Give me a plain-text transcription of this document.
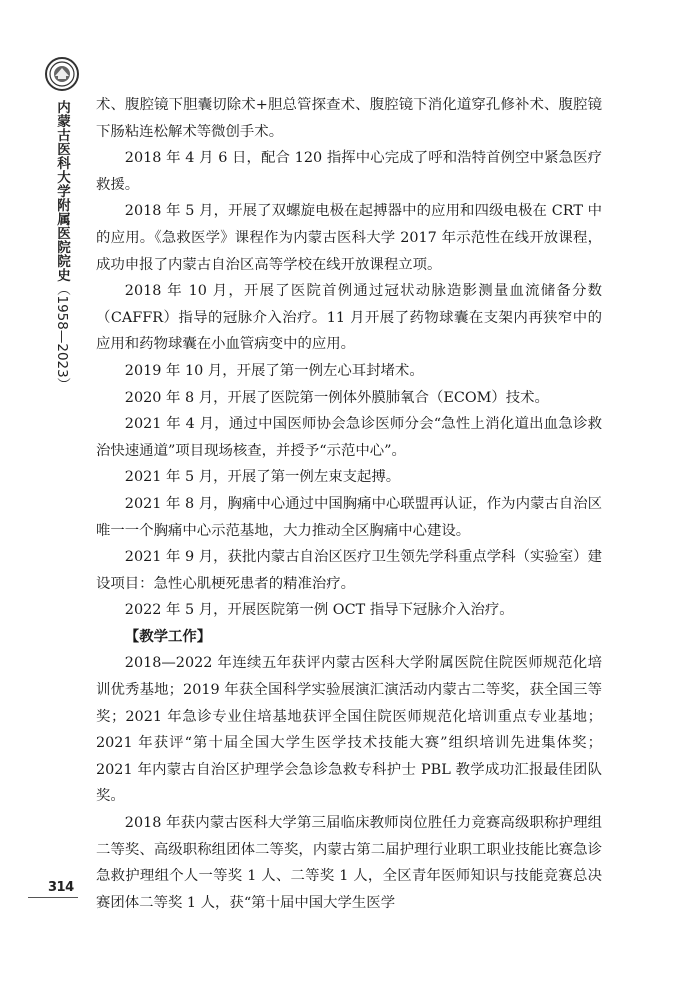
内蒙古医科大学附属医院院史（1958—2023）
314

术、腹腔镜下胆囊切除术+胆总管探查术、腹腔镜下消化道穿孔修补术、腹腔镜下肠粘连松解术等微创手术。

2018 年 4 月 6 日，配合 120 指挥中心完成了呼和浩特首例空中紧急医疗救援。

2018 年 5 月，开展了双螺旋电极在起搏器中的应用和四级电极在 CRT 中的应用。《急救医学》课程作为内蒙古医科大学 2017 年示范性在线开放课程，成功申报了内蒙古自治区高等学校在线开放课程立项。

2018 年 10 月，开展了医院首例通过冠状动脉造影测量血流储备分数（CAFFR）指导的冠脉介入治疗。11 月开展了药物球囊在支架内再狭窄中的应用和药物球囊在小血管病变中的应用。

2019 年 10 月，开展了第一例左心耳封堵术。

2020 年 8 月，开展了医院第一例体外膜肺氧合（ECOM）技术。

2021 年 4 月，通过中国医师协会急诊医师分会“急性上消化道出血急诊救治快速通道”项目现场核查，并授予“示范中心”。

2021 年 5 月，开展了第一例左束支起搏。

2021 年 8 月，胸痛中心通过中国胸痛中心联盟再认证，作为内蒙古自治区唯一一个胸痛中心示范基地，大力推动全区胸痛中心建设。

2021 年 9 月，获批内蒙古自治区医疗卫生领先学科重点学科（实验室）建设项目：急性心肌梗死患者的精准治疗。

2022 年 5 月，开展医院第一例 OCT 指导下冠脉介入治疗。

【教学工作】

2018—2022 年连续五年获评内蒙古医科大学附属医院住院医师规范化培训优秀基地；2019 年获全国科学实验展演汇演活动内蒙古二等奖，获全国三等奖；2021 年急诊专业住培基地获评全国住院医师规范化培训重点专业基地；2021 年获评“第十届全国大学生医学技术技能大赛”组织培训先进集体奖；2021 年内蒙古自治区护理学会急诊急救专科护士 PBL 教学成功汇报最佳团队奖。

2018 年获内蒙古医科大学第三届临床教师岗位胜任力竞赛高级职称护理组二等奖、高级职称组团体二等奖，内蒙古第二届护理行业职工职业技能比赛急诊急救护理组个人一等奖 1 人、二等奖 1 人，全区青年医师知识与技能竞赛总决赛团体二等奖 1 人，获“第十届中国大学生医学
